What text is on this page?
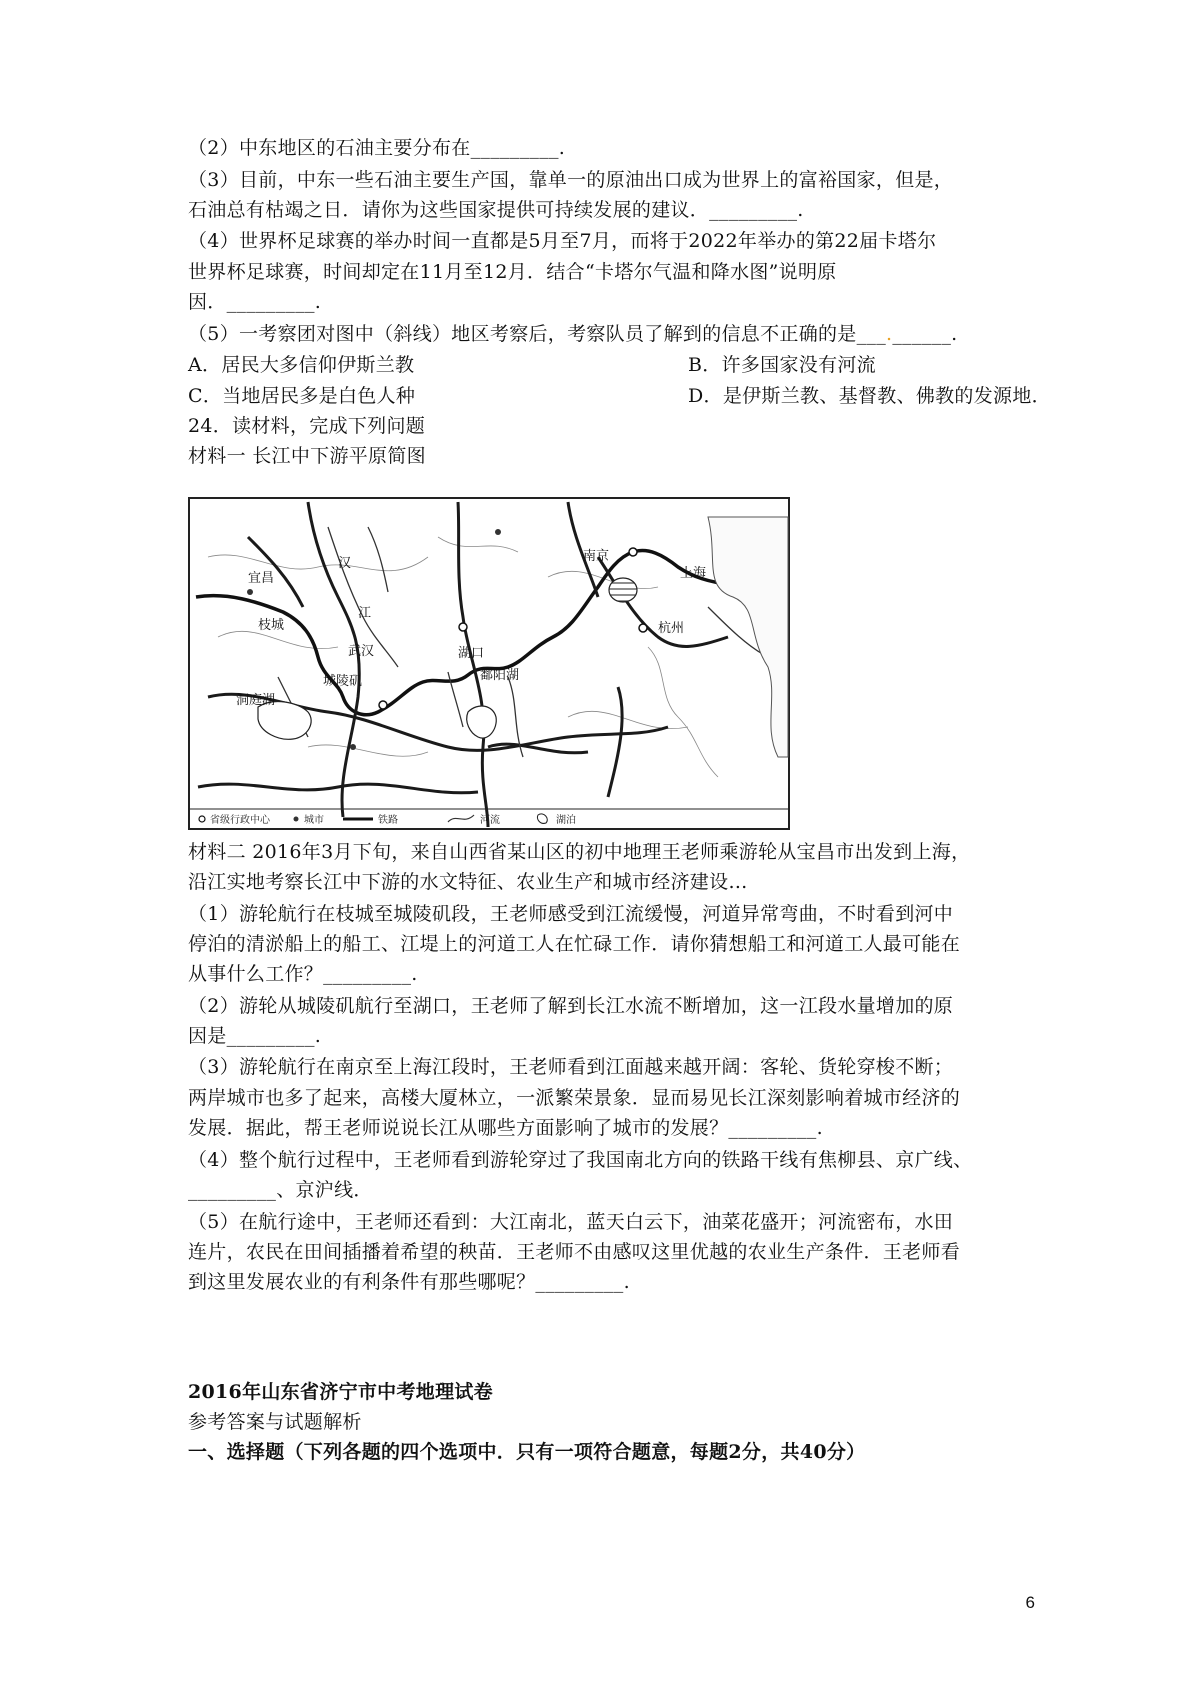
（2）中东地区的石油主要分布在_________.
（3）目前，中东一些石油主要生产国，靠单一的原油出口成为世界上的富裕国家，但是，
石油总有枯竭之日．请你为这些国家提供可持续发展的建议．_________.
（4）世界杯足球赛的举办时间一直都是5月至7月，而将于2022年举办的第22届卡塔尔
世界杯足球赛，时间却定在11月至12月．结合“卡塔尔气温和降水图”说明原
因．_________.
（5）一考察团对图中（斜线）地区考察后，考察队员了解到的信息不正确的是___.______.
A．居民大多信仰伊斯兰教	B．许多国家没有河流
C．当地居民多是白色人种	D．是伊斯兰教、基督教、佛教的发源地．
24．读材料，完成下列问题
材料一 长江中下游平原简图
宜昌
汉
江
枝城
武汉
洞庭湖
城陵矶
湖口
鄱阳湖
南京
上海
杭州
省级行政中心	城市	铁路	河流	湖泊
材料二 2016年3月下旬，来自山西省某山区的初中地理王老师乘游轮从宝昌市出发到上海，
沿江实地考察长江中下游的水文特征、农业生产和城市经济建设…
（1）游轮航行在枝城至城陵矶段，王老师感受到江流缓慢，河道异常弯曲，不时看到河中
停泊的清淤船上的船工、江堤上的河道工人在忙碌工作．请你猜想船工和河道工人最可能在
从事什么工作？_________.
（2）游轮从城陵矶航行至湖口，王老师了解到长江水流不断增加，这一江段水量增加的原
因是_________.
（3）游轮航行在南京至上海江段时，王老师看到江面越来越开阔：客轮、货轮穿梭不断；
两岸城市也多了起来，高楼大厦林立，一派繁荣景象．显而易见长江深刻影响着城市经济的
发展．据此，帮王老师说说长江从哪些方面影响了城市的发展？_________.
（4）整个航行过程中，王老师看到游轮穿过了我国南北方向的铁路干线有焦柳县、京广线、
_________、京沪线．
（5）在航行途中，王老师还看到：大江南北，蓝天白云下，油菜花盛开；河流密布，水田
连片，农民在田间插播着希望的秧苗．王老师不由感叹这里优越的农业生产条件．王老师看
到这里发展农业的有利条件有那些哪呢？_________.
2016年山东省济宁市中考地理试卷
参考答案与试题解析
一、选择题（下列各题的四个选项中．只有一项符合题意，每题2分，共40分）
6
